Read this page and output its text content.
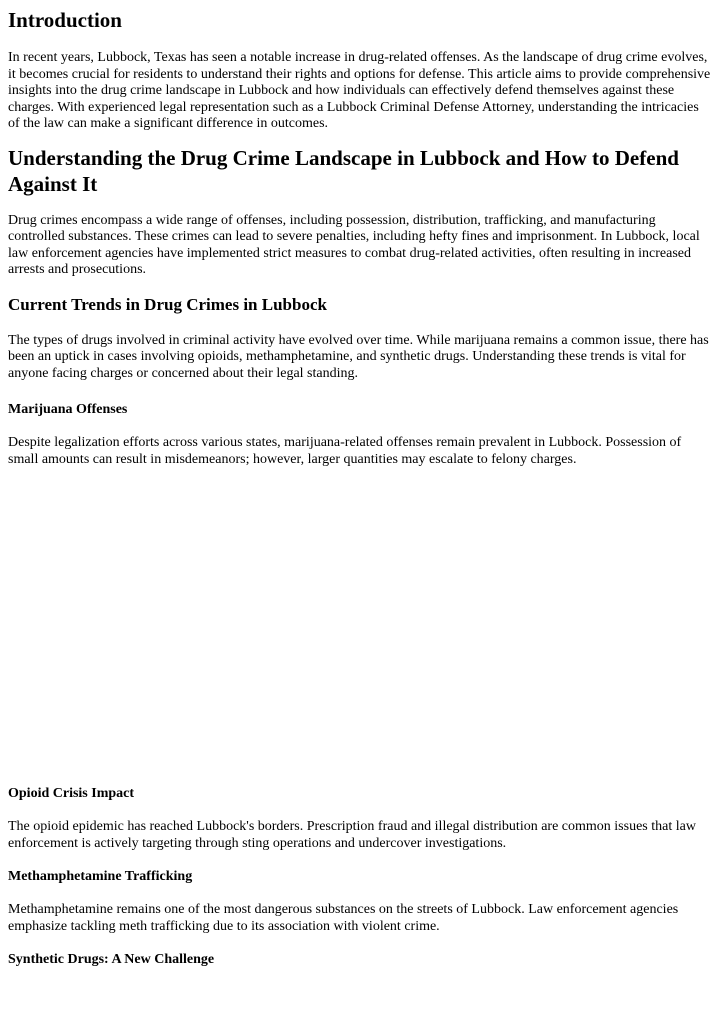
Introduction

In recent years, Lubbock, Texas has seen a notable increase in drug-related offenses. As the landscape of drug crime evolves, it becomes crucial for residents to understand their rights and options for defense. This article aims to provide comprehensive insights into the drug crime landscape in Lubbock and how individuals can effectively defend themselves against these charges. With experienced legal representation such as a Lubbock Criminal Defense Attorney, understanding the intricacies of the law can make a significant difference in outcomes.

Understanding the Drug Crime Landscape in Lubbock and How to Defend Against It

Drug crimes encompass a wide range of offenses, including possession, distribution, trafficking, and manufacturing controlled substances. These crimes can lead to severe penalties, including hefty fines and imprisonment. In Lubbock, local law enforcement agencies have implemented strict measures to combat drug-related activities, often resulting in increased arrests and prosecutions.

Current Trends in Drug Crimes in Lubbock

The types of drugs involved in criminal activity have evolved over time. While marijuana remains a common issue, there has been an uptick in cases involving opioids, methamphetamine, and synthetic drugs. Understanding these trends is vital for anyone facing charges or concerned about their legal standing.

Marijuana Offenses

Despite legalization efforts across various states, marijuana-related offenses remain prevalent in Lubbock. Possession of small amounts can result in misdemeanors; however, larger quantities may escalate to felony charges.

Opioid Crisis Impact

The opioid epidemic has reached Lubbock's borders. Prescription fraud and illegal distribution are common issues that law enforcement is actively targeting through sting operations and undercover investigations.

Methamphetamine Trafficking

Methamphetamine remains one of the most dangerous substances on the streets of Lubbock. Law enforcement agencies emphasize tackling meth trafficking due to its association with violent crime.

Synthetic Drugs: A New Challenge
